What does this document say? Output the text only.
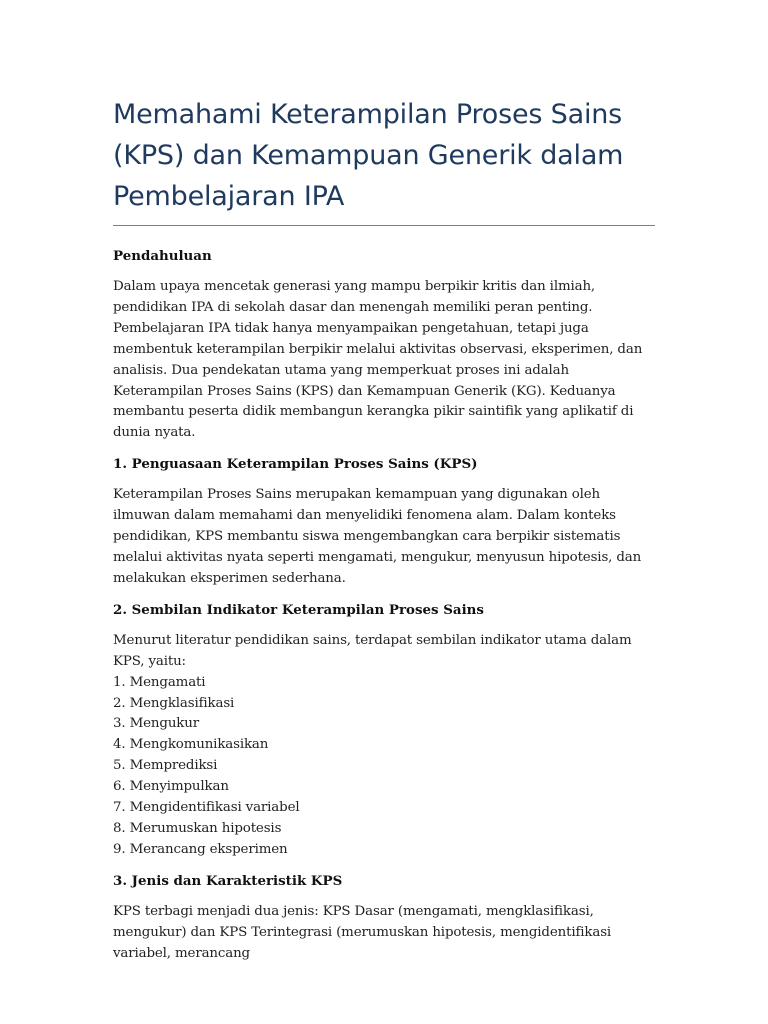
Memahami Keterampilan Proses Sains (KPS) dan Kemampuan Generik dalam Pembelajaran IPA
Pendahuluan

Dalam upaya mencetak generasi yang mampu berpikir kritis dan ilmiah, pendidikan IPA di sekolah dasar dan menengah memiliki peran penting. Pembelajaran IPA tidak hanya menyampaikan pengetahuan, tetapi juga membentuk keterampilan berpikir melalui aktivitas observasi, eksperimen, dan analisis. Dua pendekatan utama yang memperkuat proses ini adalah Keterampilan Proses Sains (KPS) dan Kemampuan Generik (KG). Keduanya membantu peserta didik membangun kerangka pikir saintifik yang aplikatif di dunia nyata.

1. Penguasaan Keterampilan Proses Sains (KPS)

Keterampilan Proses Sains merupakan kemampuan yang digunakan oleh ilmuwan dalam memahami dan menyelidiki fenomena alam. Dalam konteks pendidikan, KPS membantu siswa mengembangkan cara berpikir sistematis melalui aktivitas nyata seperti mengamati, mengukur, menyusun hipotesis, dan melakukan eksperimen sederhana.

2. Sembilan Indikator Keterampilan Proses Sains

Menurut literatur pendidikan sains, terdapat sembilan indikator utama dalam KPS, yaitu:

1. Mengamati
2. Mengklasifikasi
3. Mengukur
4. Mengkomunikasikan
5. Memprediksi
6. Menyimpulkan
7. Mengidentifikasi variabel
8. Merumuskan hipotesis
9. Merancang eksperimen
3. Jenis dan Karakteristik KPS

KPS terbagi menjadi dua jenis: KPS Dasar (mengamati, mengklasifikasi, mengukur) dan KPS Terintegrasi (merumuskan hipotesis, mengidentifikasi variabel, merancang
